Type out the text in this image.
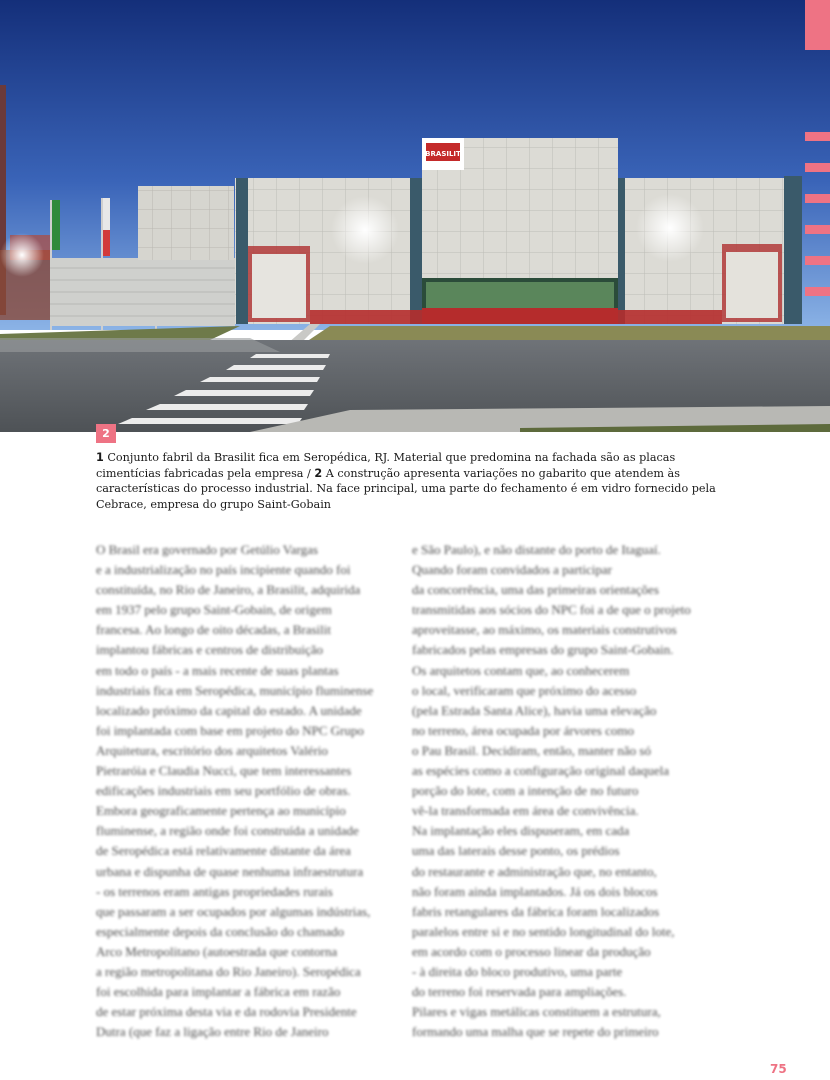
BRASILIT
2
1 Conjunto fabril da Brasilit fica em Seropédica, RJ. Material que predomina na fachada são as placas cimentícias fabricadas pela empresa / 2 A construção apresenta variações no gabarito que atendem às características do processo industrial. Na face principal, uma parte do fechamento é em vidro fornecido pela Cebrace, empresa do grupo Saint-Gobain
O Brasil era governado por Getúlio Vargas
e a industrialização no país incipiente quando foi
constituída, no Rio de Janeiro, a Brasilit, adquirida
em 1937 pelo grupo Saint-Gobain, de origem
francesa. Ao longo de oito décadas, a Brasilit
implantou fábricas e centros de distribuição
em todo o país - a mais recente de suas plantas
industriais fica em Seropédica, município fluminense
localizado próximo da capital do estado. A unidade
foi implantada com base em projeto do NPC Grupo
Arquitetura, escritório dos arquitetos Valério
Pietraróia e Claudia Nucci, que tem interessantes
edificações industriais em seu portfólio de obras.
Embora geograficamente pertença ao município
fluminense, a região onde foi construída a unidade
de Seropédica está relativamente distante da área
urbana e dispunha de quase nenhuma infraestrutura
- os terrenos eram antigas propriedades rurais
que passaram a ser ocupados por algumas indústrias,
especialmente depois da conclusão do chamado
Arco Metropolitano (autoestrada que contorna
a região metropolitana do Rio Janeiro). Seropédica
foi escolhida para implantar a fábrica em razão
de estar próxima desta via e da rodovia Presidente
Dutra (que faz a ligação entre Rio de Janeiro
e São Paulo), e não distante do porto de Itaguaí.
Quando foram convidados a participar
da concorrência, uma das primeiras orientações
transmitidas aos sócios do NPC foi a de que o projeto
aproveitasse, ao máximo, os materiais construtivos
fabricados pelas empresas do grupo Saint-Gobain.
Os arquitetos contam que, ao conhecerem
o local, verificaram que próximo do acesso
(pela Estrada Santa Alice), havia uma elevação
no terreno, área ocupada por árvores como
o Pau Brasil. Decidiram, então, manter não só
as espécies como a configuração original daquela
porção do lote, com a intenção de no futuro
vê-la transformada em área de convivência.
Na implantação eles dispuseram, em cada
uma das laterais desse ponto, os prédios
do restaurante e administração que, no entanto,
não foram ainda implantados. Já os dois blocos
fabris retangulares da fábrica foram localizados
paralelos entre si e no sentido longitudinal do lote,
em acordo com o processo linear da produção
- à direita do bloco produtivo, uma parte
do terreno foi reservada para ampliações.
Pilares e vigas metálicas constituem a estrutura,
formando uma malha que se repete do primeiro
75
